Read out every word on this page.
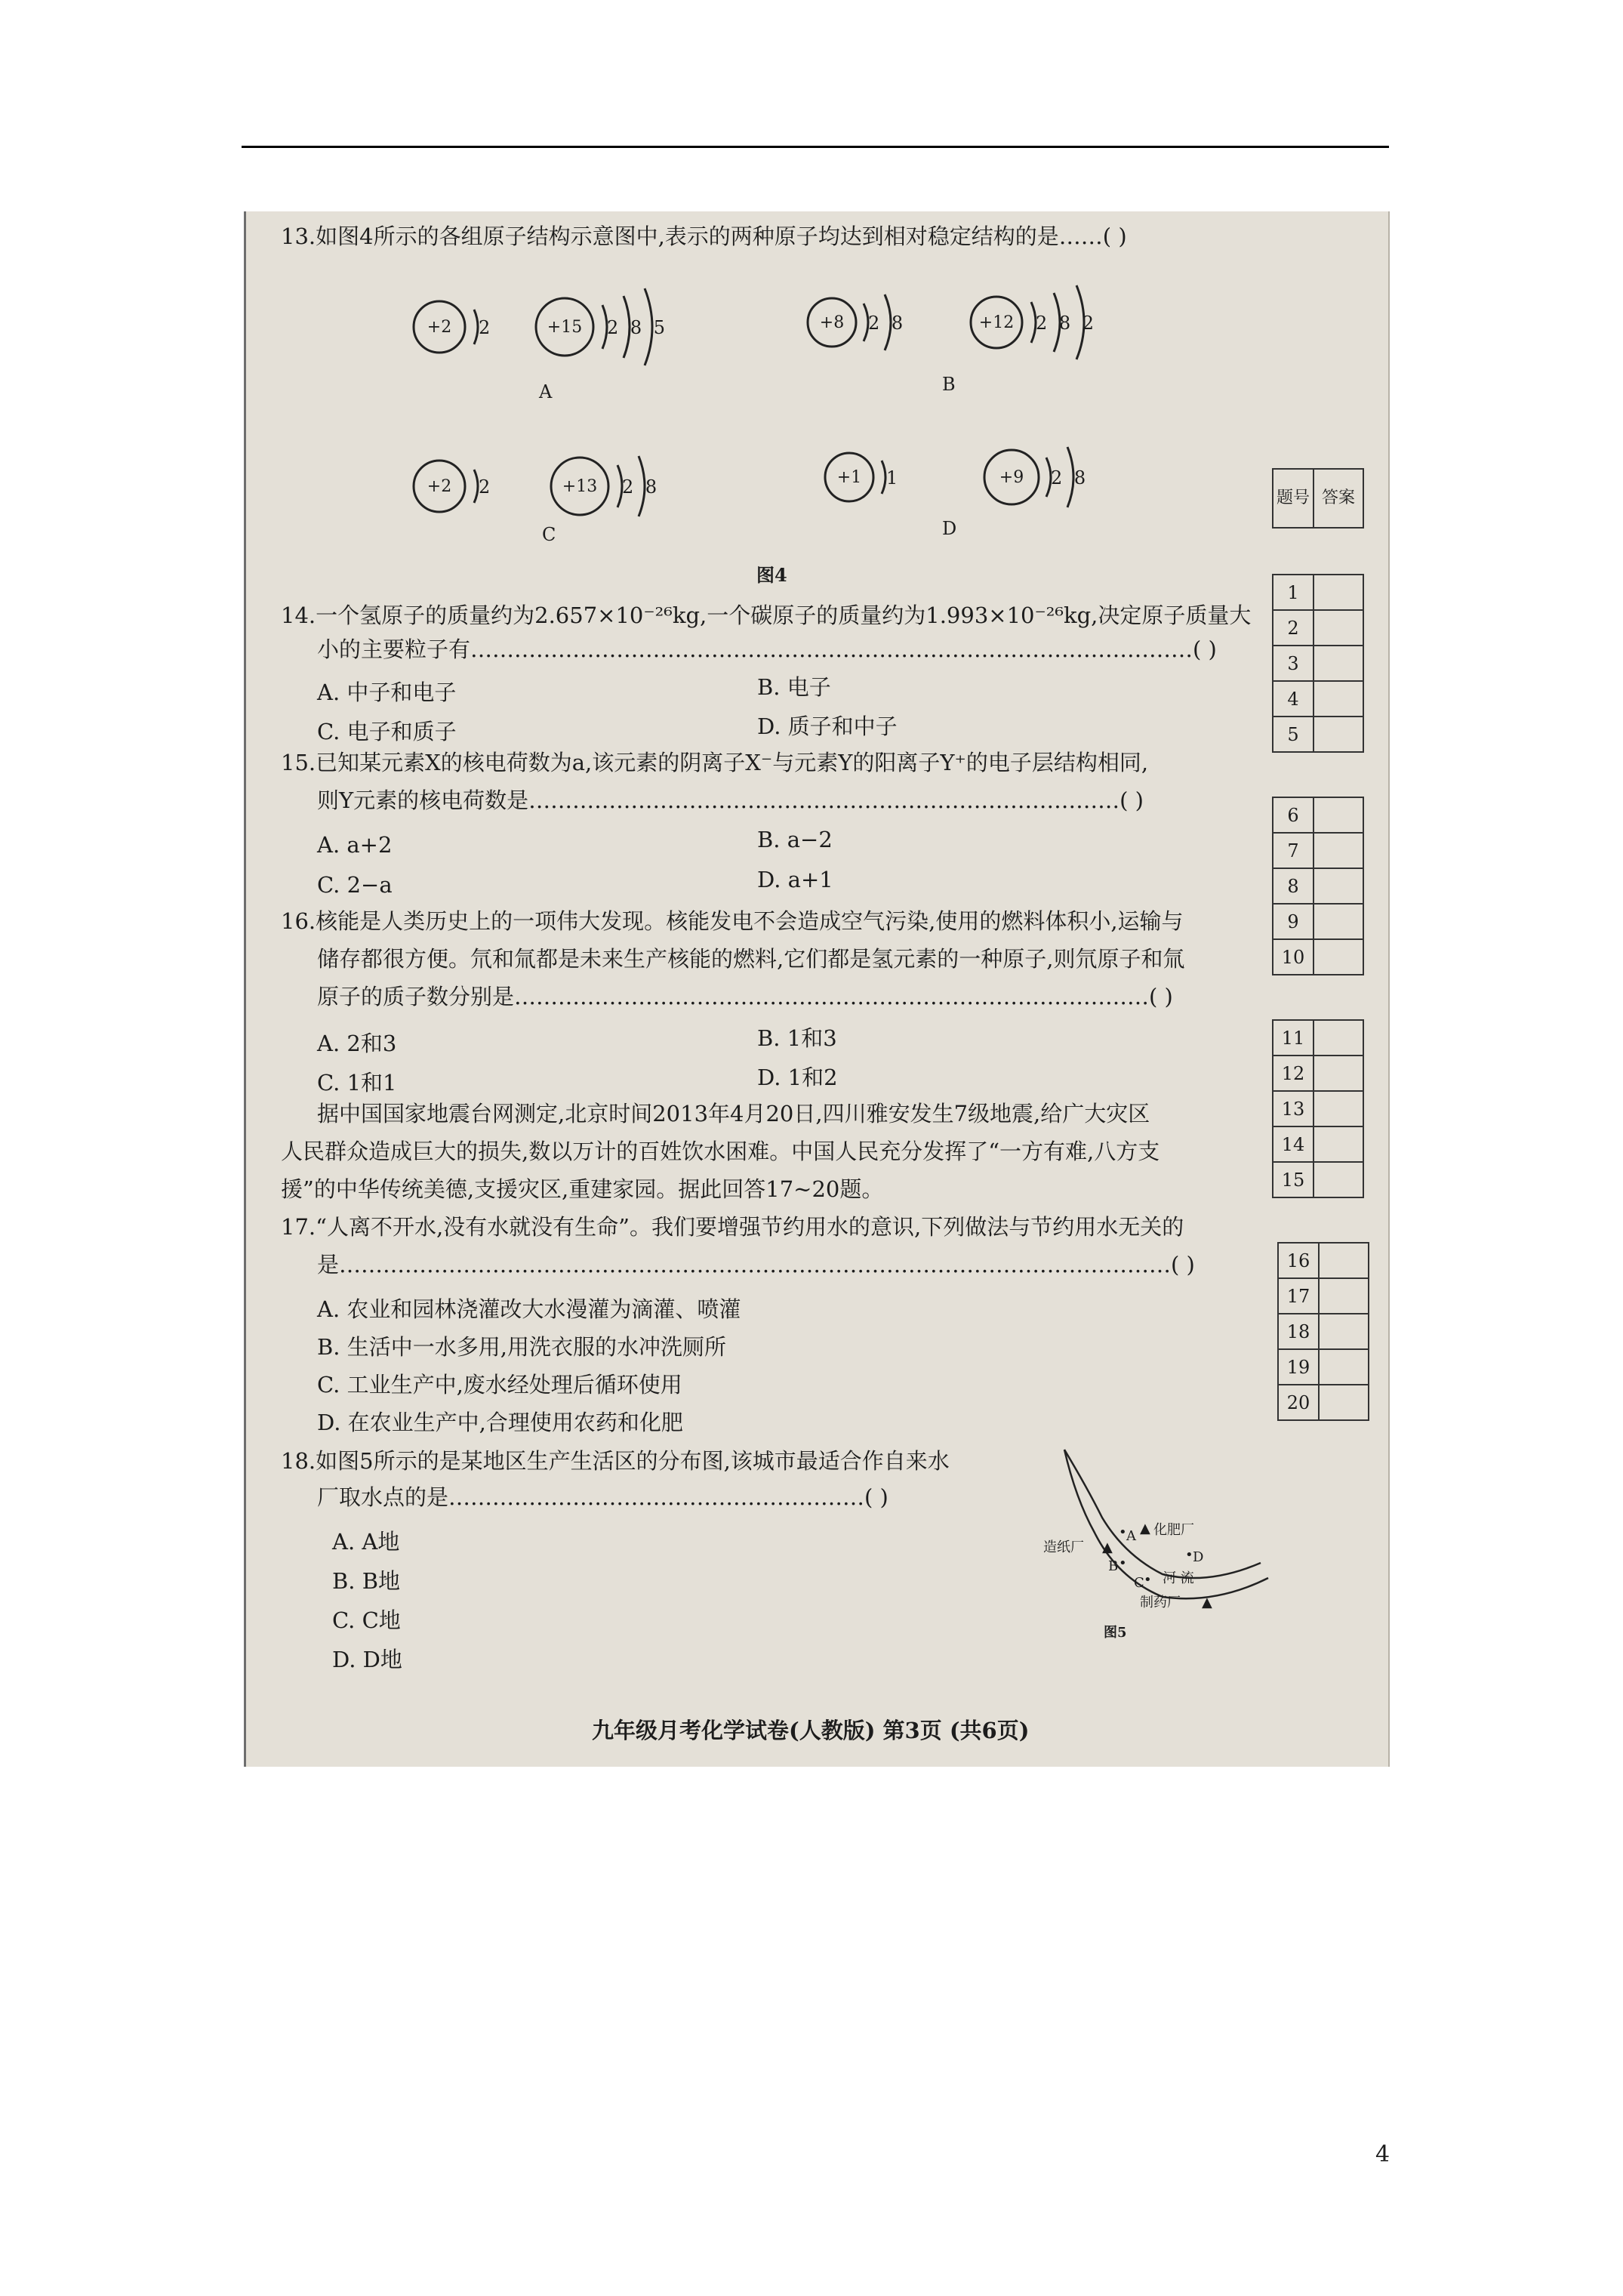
13.如图4所示的各组原子结构示意图中,表示的两种原子均达到相对稳定结构的是……( )
+2	+15	+8	+12
+2	+13	+1	+9
2	2 8 5	2 8	2 8 2
2	2 8	1	2 8
A	B
C	D
图4
14.一个氢原子的质量约为2.657×10⁻²⁶kg,一个碳原子的质量约为1.993×10⁻²⁶kg,决定原子质量大
小的主要粒子有………………………………………………………………………………………( )
A. 中子和电子	B. 电子
C. 电子和质子	D. 质子和中子
15.已知某元素X的核电荷数为a,该元素的阴离子X⁻与元素Y的阳离子Y⁺的电子层结构相同,
则Y元素的核电荷数是………………………………………………………………………( )
A. a+2	B. a−2
C. 2−a	D. a+1
16.核能是人类历史上的一项伟大发现。核能发电不会造成空气污染,使用的燃料体积小,运输与
储存都很方便。氘和氚都是未来生产核能的燃料,它们都是氢元素的一种原子,则氘原子和氚
原子的质子数分别是……………………………………………………………………………( )
A. 2和3	B. 1和3
C. 1和1	D. 1和2
据中国国家地震台网测定,北京时间2013年4月20日,四川雅安发生7级地震,给广大灾区
人民群众造成巨大的损失,数以万计的百姓饮水困难。中国人民充分发挥了“一方有难,八方支
援”的中华传统美德,支援灾区,重建家园。据此回答17~20题。
17.“人离不开水,没有水就没有生命”。我们要增强节约用水的意识,下列做法与节约用水无关的
是……………………………………………………………………………………………………( )
A. 农业和园林浇灌改大水漫灌为滴灌、喷灌
B. 生活中一水多用,用洗衣服的水冲洗厕所
C. 工业生产中,废水经处理后循环使用
D. 在农业生产中,合理使用农药和化肥
18.如图5所示的是某地区生产生活区的分布图,该城市最适合作自来水
厂取水点的是…………………………………………………( )
A. A地
B. B地
C. C地
D. D地
造纸厂 ▲
• A ▲ 化肥厂
B •
C •
• D
河 流
制药厂 ▲
图5
题号	答案
1	
2	
3	
4	
5	
6	
7	
8	
9	
10	
11	
12	
13	
14	
15	
16	
17	
18	
19	
20	
九年级月考化学试卷(人教版) 第3页 (共6页)
4
